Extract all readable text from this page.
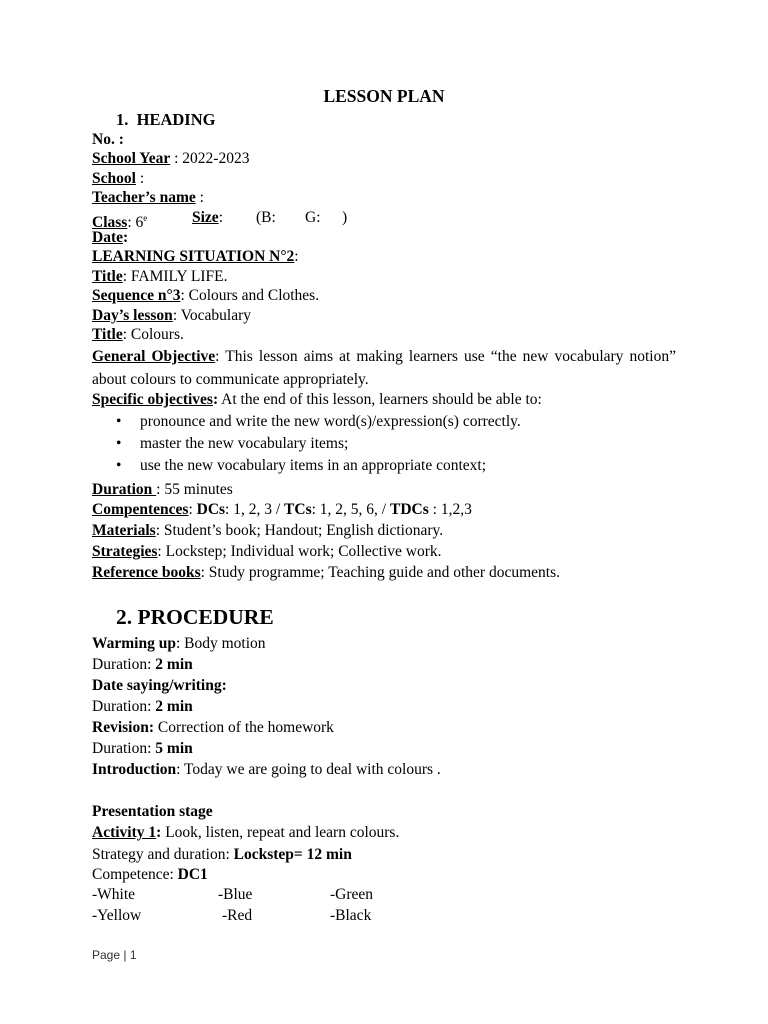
LESSON PLAN
1. HEADING
No. :
School Year : 2022-2023
School :
Teacher’s name :
Class: 6e	Size: (B: G: )
Date:
LEARNING SITUATION N°2:
Title: FAMILY LIFE.
Sequence n°3: Colours and Clothes.
Day’s lesson: Vocabulary
Title: Colours.
General Objective: This lesson aims at making learners use “the new vocabulary notion” about colours to communicate appropriately.
Specific objectives: At the end of this lesson, learners should be able to:
• pronounce and write the new word(s)/expression(s) correctly.
• master the new vocabulary items;
• use the new vocabulary items in an appropriate context;
Duration : 55 minutes
Compentences: DCs: 1, 2, 3 / TCs: 1, 2, 5, 6, / TDCs : 1,2,3
Materials: Student’s book; Handout; English dictionary.
Strategies: Lockstep; Individual work; Collective work.
Reference books: Study programme; Teaching guide and other documents.
2. PROCEDURE
Warming up: Body motion
Duration: 2 min
Date saying/writing:
Duration: 2 min
Revision: Correction of the homework
Duration: 5 min
Introduction: Today we are going to deal with colours .
Presentation stage
Activity 1: Look, listen, repeat and learn colours.
Strategy and duration: Lockstep= 12 min
Competence: DC1
-White	-Blue	-Green
-Yellow	-Red	-Black
Page | 1
